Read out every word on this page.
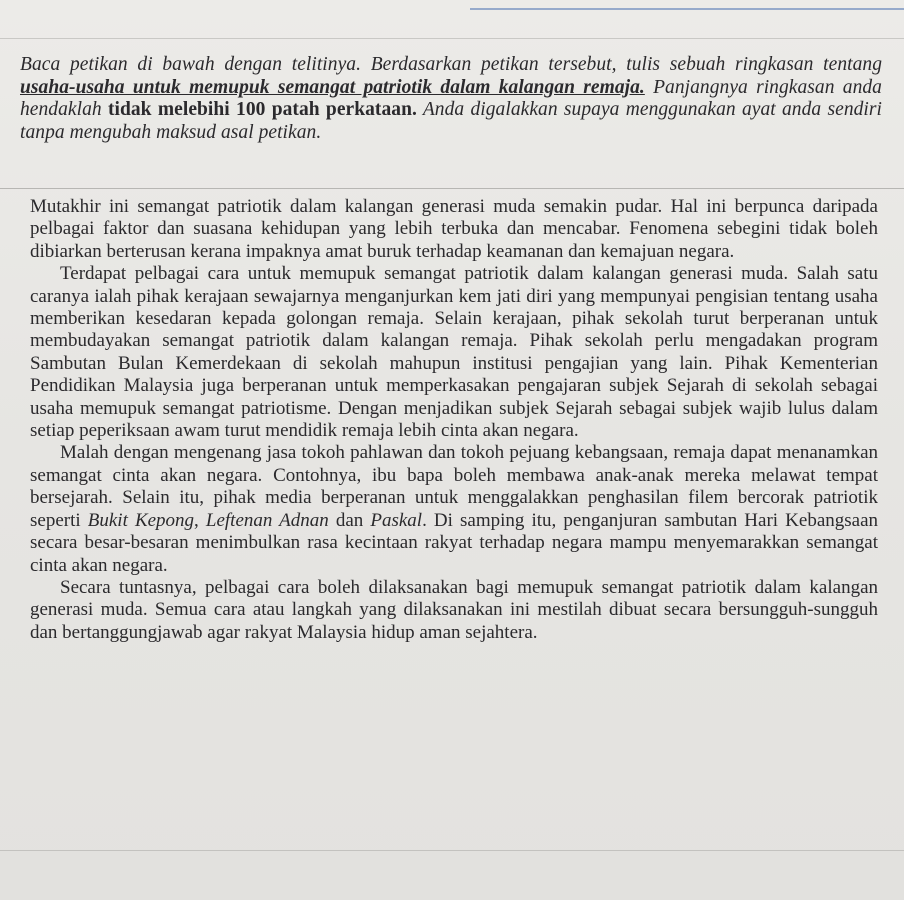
Baca petikan di bawah dengan telitinya. Berdasarkan petikan tersebut, tulis sebuah ringkasan tentang usaha-usaha untuk memupuk semangat patriotik dalam kalangan remaja. Panjangnya ringkasan anda hendaklah tidak melebihi 100 patah perkataan. Anda digalakkan supaya menggunakan ayat anda sendiri tanpa mengubah maksud asal petikan.

Mutakhir ini semangat patriotik dalam kalangan generasi muda semakin pudar. Hal ini berpunca daripada pelbagai faktor dan suasana kehidupan yang lebih terbuka dan mencabar. Fenomena sebegini tidak boleh dibiarkan berterusan kerana impaknya amat buruk terhadap keamanan dan kemajuan negara.

Terdapat pelbagai cara untuk memupuk semangat patriotik dalam kalangan generasi muda. Salah satu caranya ialah pihak kerajaan sewajarnya menganjurkan kem jati diri yang mempunyai pengisian tentang usaha memberikan kesedaran kepada golongan remaja. Selain kerajaan, pihak sekolah turut berperanan untuk membudayakan semangat patriotik dalam kalangan remaja. Pihak sekolah perlu mengadakan program Sambutan Bulan Kemerdekaan di sekolah mahupun institusi pengajian yang lain. Pihak Kementerian Pendidikan Malaysia juga berperanan untuk memperkasakan pengajaran subjek Sejarah di sekolah sebagai usaha memupuk semangat patriotisme. Dengan menjadikan subjek Sejarah sebagai subjek wajib lulus dalam setiap peperiksaan awam turut mendidik remaja lebih cinta akan negara.

Malah dengan mengenang jasa tokoh pahlawan dan tokoh pejuang kebangsaan, remaja dapat menanamkan semangat cinta akan negara. Contohnya, ibu bapa boleh membawa anak-anak mereka melawat tempat bersejarah. Selain itu, pihak media berperanan untuk menggalakkan penghasilan filem bercorak patriotik seperti Bukit Kepong, Leftenan Adnan dan Paskal. Di samping itu, penganjuran sambutan Hari Kebangsaan secara besar-besaran menimbulkan rasa kecintaan rakyat terhadap negara mampu menyemarakkan semangat cinta akan negara.

Secara tuntasnya, pelbagai cara boleh dilaksanakan bagi memupuk semangat patriotik dalam kalangan generasi muda. Semua cara atau langkah yang dilaksanakan ini mestilah dibuat secara bersungguh-sungguh dan bertanggungjawab agar rakyat Malaysia hidup aman sejahtera.
